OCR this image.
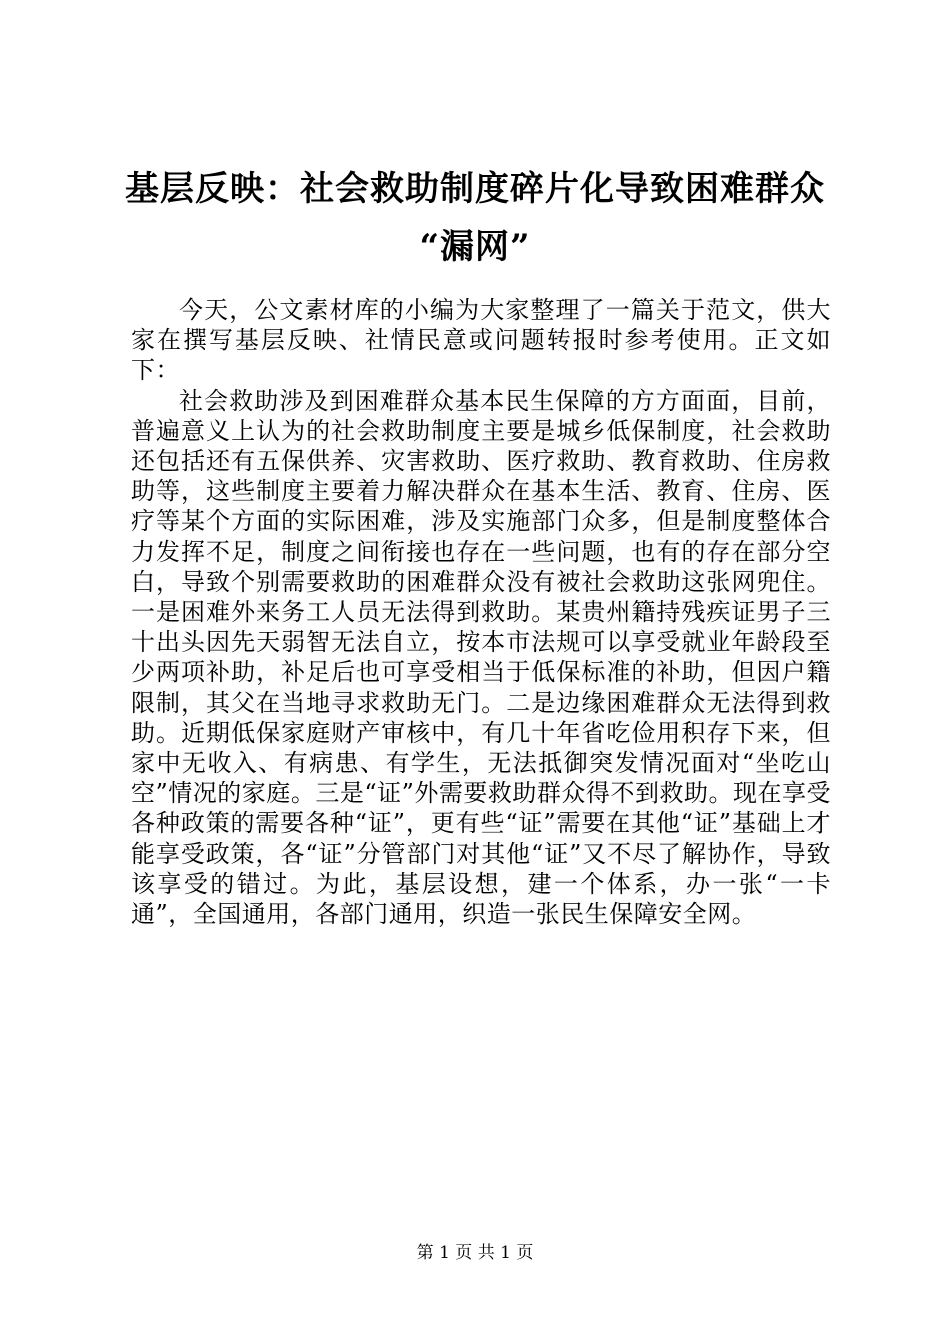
基层反映：社会救助制度碎片化导致困难群众
“漏网”

今天，公文素材库的小编为大家整理了一篇关于范文，供大家在撰写基层反映、社情民意或问题转报时参考使用。正文如下：

社会救助涉及到困难群众基本民生保障的方方面面，目前，普遍意义上认为的社会救助制度主要是城乡低保制度，社会救助还包括还有五保供养、灾害救助、医疗救助、教育救助、住房救助等，这些制度主要着力解决群众在基本生活、教育、住房、医疗等某个方面的实际困难，涉及实施部门众多，但是制度整体合力发挥不足，制度之间衔接也存在一些问题，也有的存在部分空白，导致个别需要救助的困难群众没有被社会救助这张网兜住。一是困难外来务工人员无法得到救助。某贵州籍持残疾证男子三十出头因先天弱智无法自立，按本市法规可以享受就业年龄段至少两项补助，补足后也可享受相当于低保标准的补助，但因户籍限制，其父在当地寻求救助无门。二是边缘困难群众无法得到救助。近期低保家庭财产审核中，有几十年省吃俭用积存下来，但家中无收入、有病患、有学生，无法抵御突发情况面对“坐吃山空”情况的家庭。三是“证”外需要救助群众得不到救助。现在享受各种政策的需要各种“证”，更有些“证”需要在其他“证”基础上才能享受政策，各“证”分管部门对其他“证”又不尽了解协作，导致该享受的错过。为此，基层设想，建一个体系，办一张“一卡通”，全国通用，各部门通用，织造一张民生保障安全网。

第 1 页 共 1 页
